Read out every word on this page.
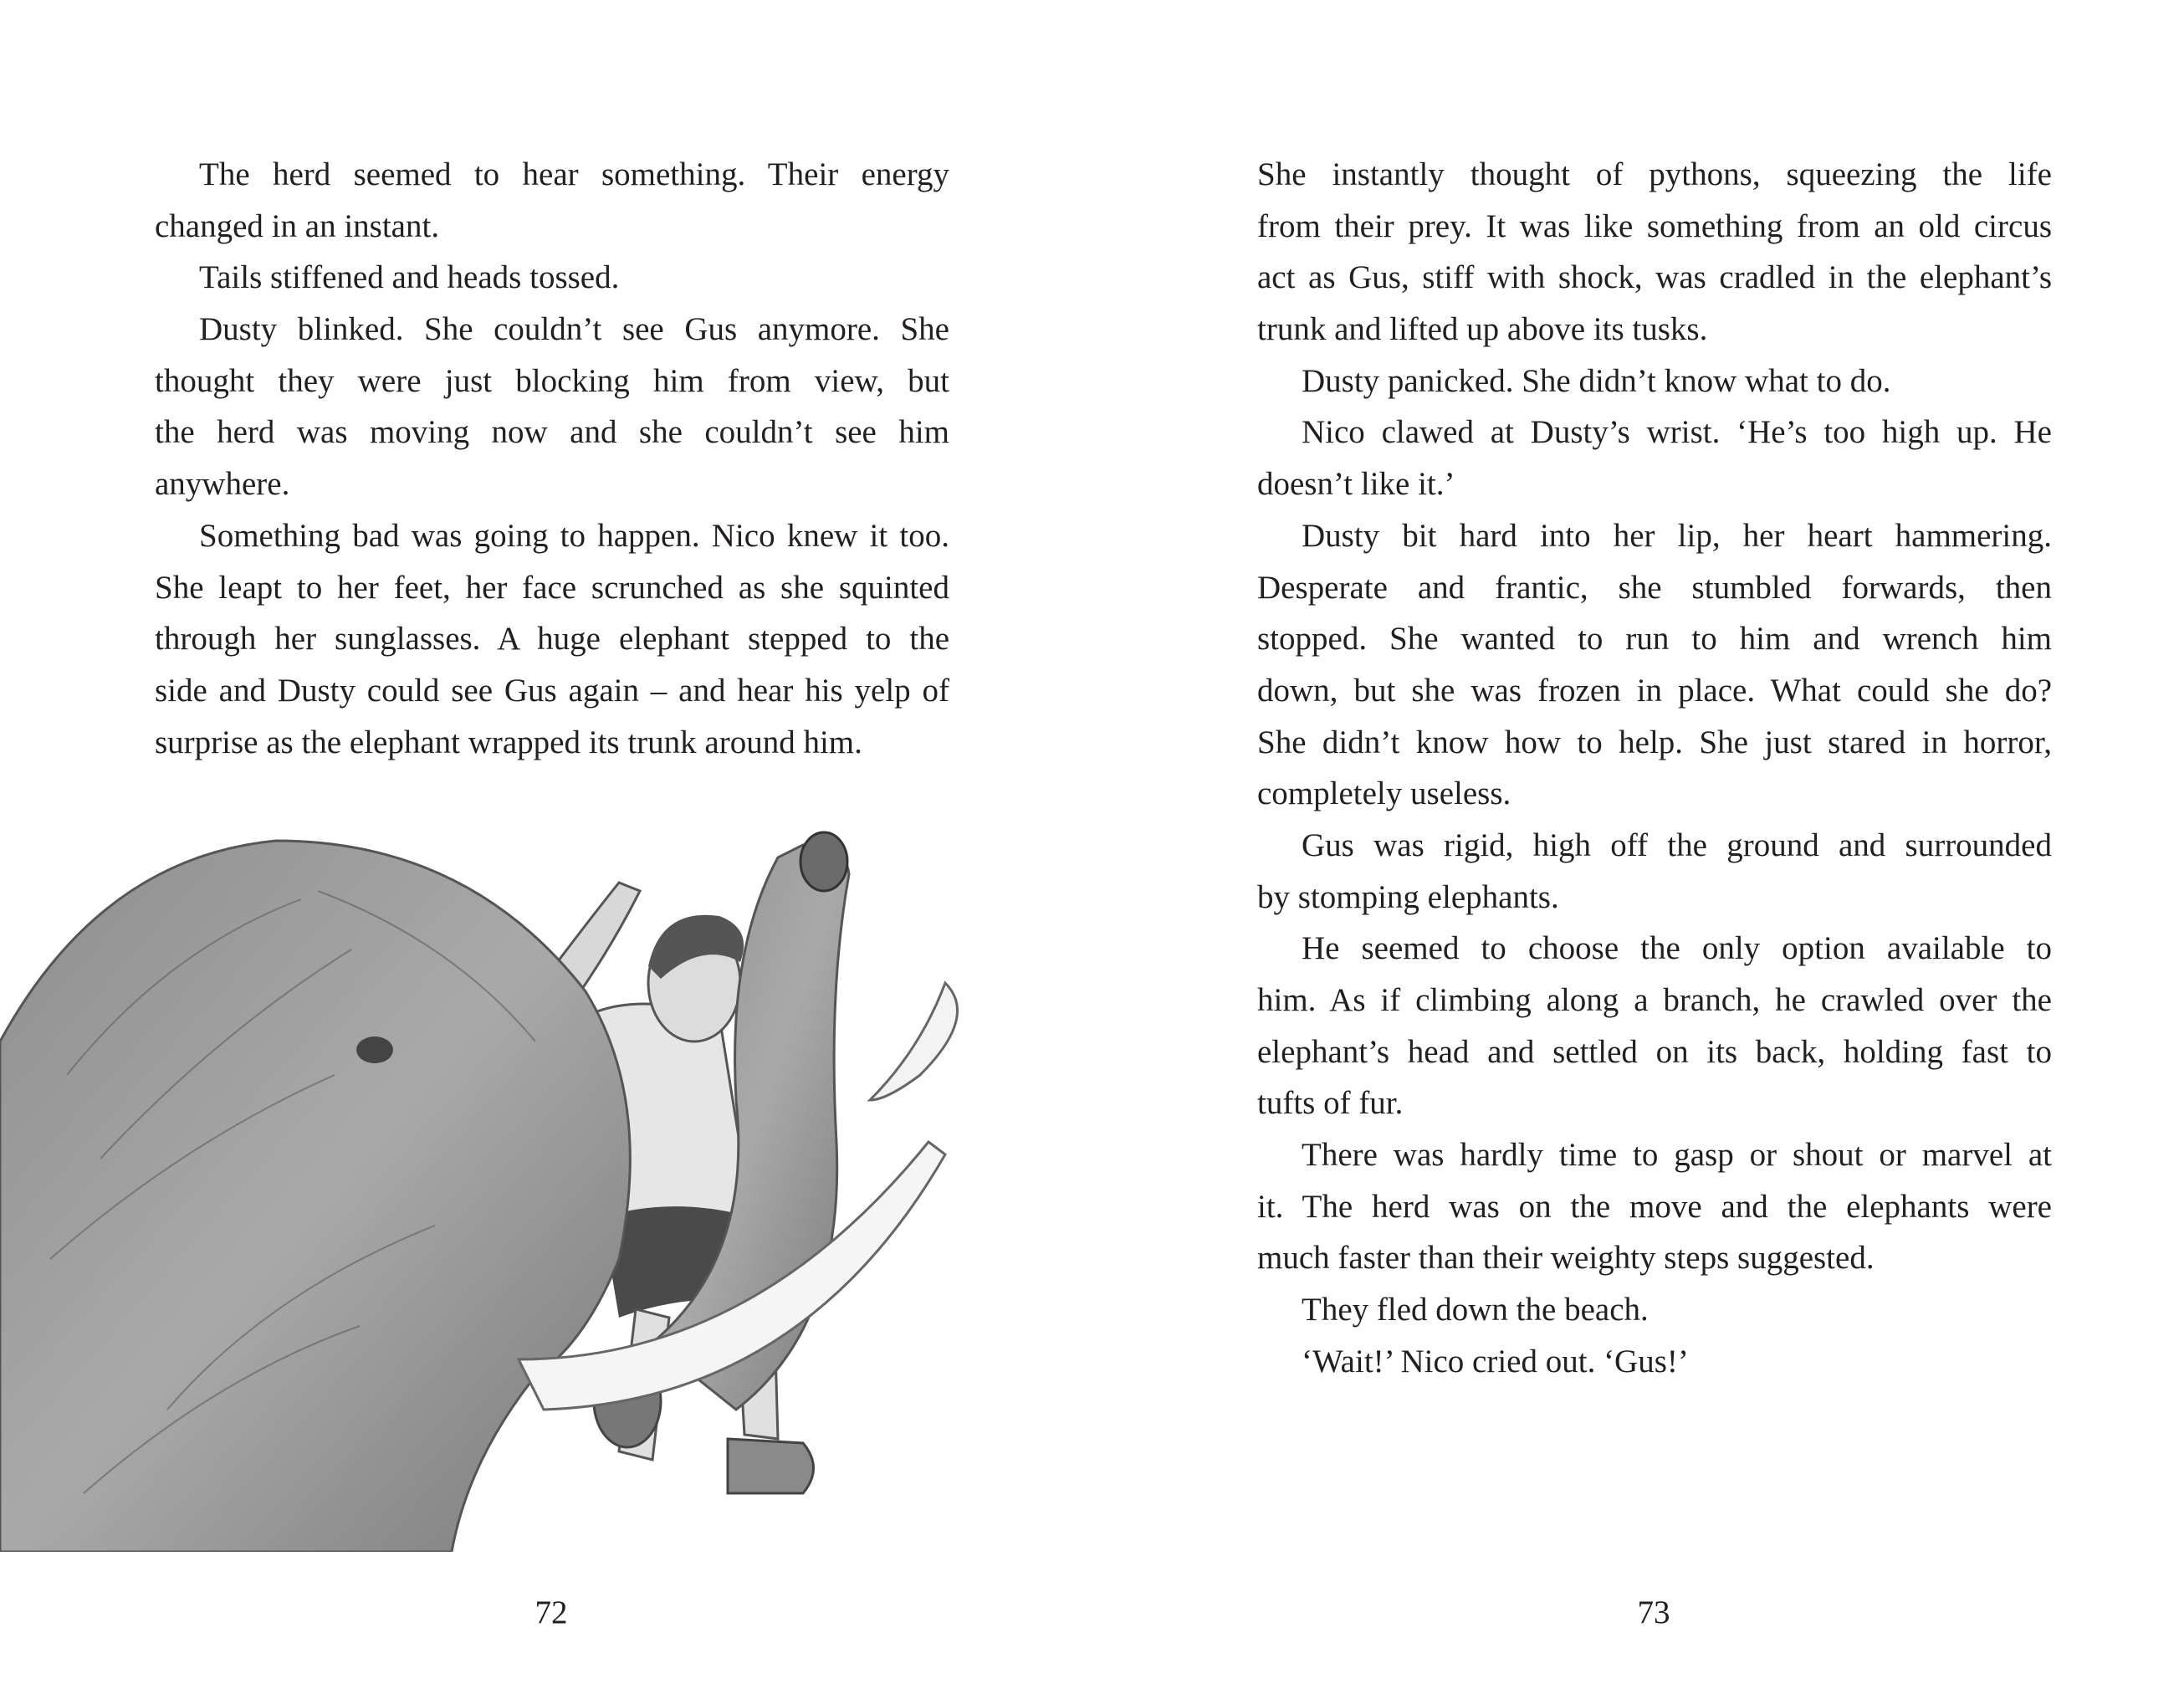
The herd seemed to hear something. Their energy
changed in an instant.
Tails stiffened and heads tossed.
Dusty blinked. She couldn’t see Gus anymore. She
thought they were just blocking him from view, but
the herd was moving now and she couldn’t see him
anywhere.
Something bad was going to happen. Nico knew it too.
She leapt to her feet, her face scrunched as she squinted
through her sunglasses. A huge elephant stepped to the
side and Dusty could see Gus again – and hear his yelp of
surprise as the elephant wrapped its trunk around him.
72
She instantly thought of pythons, squeezing the life
from their prey. It was like something from an old circus
act as Gus, stiff with shock, was cradled in the elephant’s
trunk and lifted up above its tusks.
Dusty panicked. She didn’t know what to do.
Nico clawed at Dusty’s wrist. ‘He’s too high up. He
doesn’t like it.’
Dusty bit hard into her lip, her heart hammering.
Desperate and frantic, she stumbled forwards, then
stopped. She wanted to run to him and wrench him
down, but she was frozen in place. What could she do?
She didn’t know how to help. She just stared in horror,
completely useless.
Gus was rigid, high off the ground and surrounded
by stomping elephants.
He seemed to choose the only option available to
him. As if climbing along a branch, he crawled over the
elephant’s head and settled on its back, holding fast to
tufts of fur.
There was hardly time to gasp or shout or marvel at
it. The herd was on the move and the elephants were
much faster than their weighty steps suggested.
They fled down the beach.
‘Wait!’ Nico cried out. ‘Gus!’
73
